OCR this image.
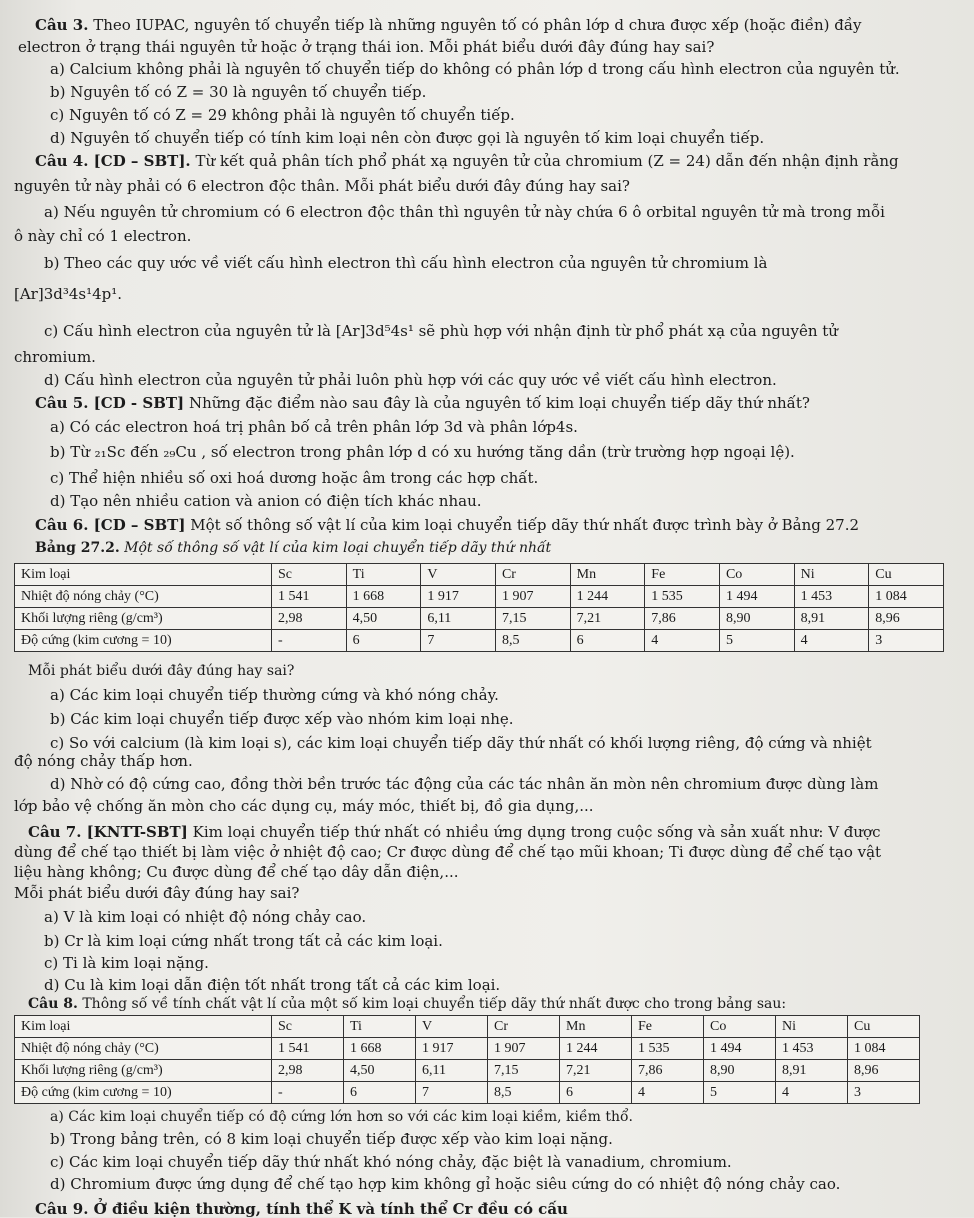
Câu 3. Theo IUPAC, nguyên tố chuyển tiếp là những nguyên tố có phân lớp d chưa được xếp (hoặc điền) đầy
electron ở trạng thái nguyên tử hoặc ở trạng thái ion. Mỗi phát biểu dưới đây đúng hay sai?
a) Calcium không phải là nguyên tố chuyển tiếp do không có phân lớp d trong cấu hình electron của nguyên tử.
b) Nguyên tố có Z = 30 là nguyên tố chuyển tiếp.
c) Nguyên tố có Z = 29 không phải là nguyên tố chuyển tiếp.
d) Nguyên tố chuyển tiếp có tính kim loại nên còn được gọi là nguyên tố kim loại chuyển tiếp.
Câu 4. [CD – SBT]. Từ kết quả phân tích phổ phát xạ nguyên tử của chromium (Z = 24) dẫn đến nhận định rằng
nguyên tử này phải có 6 electron độc thân. Mỗi phát biểu dưới đây đúng hay sai?
a) Nếu nguyên tử chromium có 6 electron độc thân thì nguyên tử này chứa 6 ô orbital nguyên tử mà trong mỗi
ô này chỉ có 1 electron.
b) Theo các quy ước về viết cấu hình electron thì cấu hình electron của nguyên tử chromium là
[Ar]3d³4s¹4p¹.
c) Cấu hình electron của nguyên tử là [Ar]3d⁵4s¹ sẽ phù hợp với nhận định từ phổ phát xạ của nguyên tử
chromium.
d) Cấu hình electron của nguyên tử phải luôn phù hợp với các quy ước về viết cấu hình electron.
Câu 5. [CD - SBT] Những đặc điểm nào sau đây là của nguyên tố kim loại chuyển tiếp dãy thứ nhất?
a) Có các electron hoá trị phân bố cả trên phân lớp 3d và phân lớp4s.
b) Từ ₂₁Sc đến ₂₉Cu , số electron trong phân lớp d có xu hướng tăng dần (trừ trường hợp ngoại lệ).
c) Thể hiện nhiều số oxi hoá dương hoặc âm trong các hợp chất.
d) Tạo nên nhiều cation và anion có điện tích khác nhau.
Câu 6. [CD – SBT] Một số thông số vật lí của kim loại chuyển tiếp dãy thứ nhất được trình bày ở Bảng 27.2
Bảng 27.2. Một số thông số vật lí của kim loại chuyển tiếp dãy thứ nhất
Kim loại	Sc	Ti	V	Cr	Mn	Fe	Co	Ni	Cu
Nhiệt độ nóng chảy (°C)	1 541	1 668	1 917	1 907	1 244	1 535	1 494	1 453	1 084
Khối lượng riêng (g/cm³)	2,98	4,50	6,11	7,15	7,21	7,86	8,90	8,91	8,96
Độ cứng (kim cương = 10)	-	6	7	8,5	6	4	5	4	3
Mỗi phát biểu dưới đây đúng hay sai?
a) Các kim loại chuyển tiếp thường cứng và khó nóng chảy.
b) Các kim loại chuyển tiếp được xếp vào nhóm kim loại nhẹ.
c) So với calcium (là kim loại s), các kim loại chuyển tiếp dãy thứ nhất có khối lượng riêng, độ cứng và nhiệt
độ nóng chảy thấp hơn.
d) Nhờ có độ cứng cao, đồng thời bền trước tác động của các tác nhân ăn mòn nên chromium được dùng làm
lớp bảo vệ chống ăn mòn cho các dụng cụ, máy móc, thiết bị, đồ gia dụng,...
Câu 7. [KNTT-SBT] Kim loại chuyển tiếp thứ nhất có nhiều ứng dụng trong cuộc sống và sản xuất như: V được
dùng để chế tạo thiết bị làm việc ở nhiệt độ cao; Cr được dùng để chế tạo mũi khoan; Ti được dùng để chế tạo vật
liệu hàng không; Cu được dùng để chế tạo dây dẫn điện,...
Mỗi phát biểu dưới đây đúng hay sai?
a) V là kim loại có nhiệt độ nóng chảy cao.
b) Cr là kim loại cứng nhất trong tất cả các kim loại.
c) Ti là kim loại nặng.
d) Cu là kim loại dẫn điện tốt nhất trong tất cả các kim loại.
Câu 8. Thông số về tính chất vật lí của một số kim loại chuyển tiếp dãy thứ nhất được cho trong bảng sau:
Kim loại	Sc	Ti	V	Cr	Mn	Fe	Co	Ni	Cu
Nhiệt độ nóng chảy (°C)	1 541	1 668	1 917	1 907	1 244	1 535	1 494	1 453	1 084
Khối lượng riêng (g/cm³)	2,98	4,50	6,11	7,15	7,21	7,86	8,90	8,91	8,96
Độ cứng (kim cương = 10)	-	6	7	8,5	6	4	5	4	3
a) Các kim loại chuyển tiếp có độ cứng lớn hơn so với các kim loại kiềm, kiềm thổ.
b) Trong bảng trên, có 8 kim loại chuyển tiếp được xếp vào kim loại nặng.
c) Các kim loại chuyển tiếp dãy thứ nhất khó nóng chảy, đặc biệt là vanadium, chromium.
d) Chromium được ứng dụng để chế tạo hợp kim không gỉ hoặc siêu cứng do có nhiệt độ nóng chảy cao.
Câu 9. Ở điều kiện thường, tính thể K và tính thể Cr đều có cấu
